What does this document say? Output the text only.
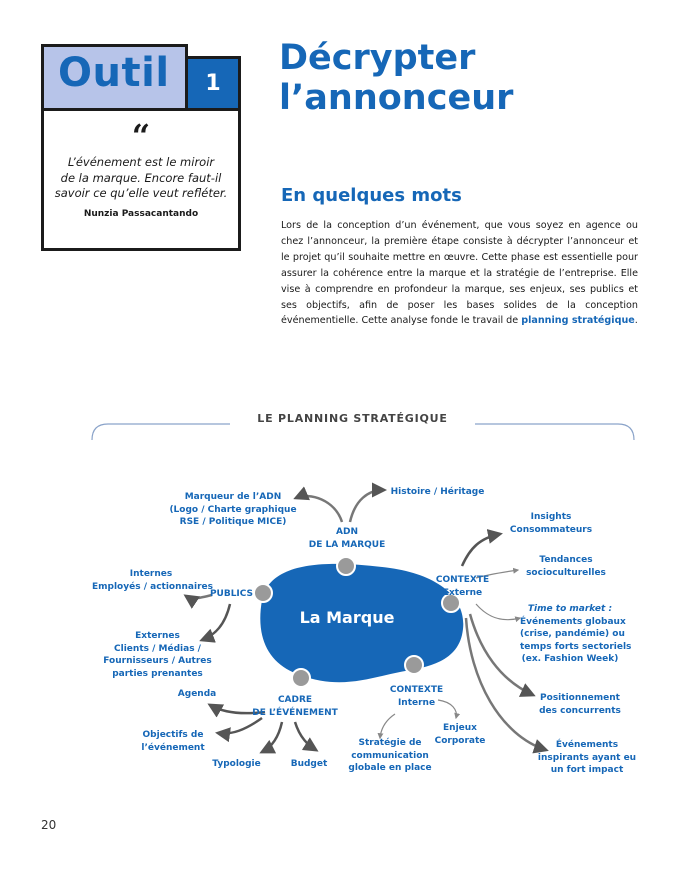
Outil	1
“
L’événement est le miroir
de la marque. Encore faut-il
savoir ce qu’elle veut refléter.
Nunzia Passacantando
Décrypter
l’annonceur
En quelques mots
Lors de la conception d’un événement, que vous soyez en agence ou chez l’annonceur, la première étape consiste à décrypter l’annonceur et le projet qu’il souhaite mettre en œuvre. Cette phase est essentielle pour assurer la cohérence entre la marque et la stratégie de l’entreprise. Elle vise à comprendre en profondeur la marque, ses enjeux, ses publics et ses objectifs, afin de poser les bases solides de la conception événementielle. Cette analyse fonde le travail de planning stratégique.
LE PLANNING STRATÉGIQUE
La Marque
ADN
DE LA MARQUE
Marqueur de l’ADN
(Logo / Charte graphique
RSE / Politique MICE)
Histoire / Héritage
PUBLICS
Internes
Employés / actionnaires
Externes
Clients / Médias /
Fournisseurs / Autres
parties prenantes
CONTEXTE
Externe
Insights
Consommateurs
Tendances
socioculturelles
Time to market :
Événements globaux
(crise, pandémie) ou
temps forts sectoriels
(ex. Fashion Week)
Positionnement
des concurrents
Événements
inspirants ayant eu
un fort impact
CADRE
DE L’ÉVÉNEMENT
Agenda
Objectifs de
l’événement
Typologie	Budget
CONTEXTE
Interne
Stratégie de
communication
globale en place
Enjeux
Corporate
20
